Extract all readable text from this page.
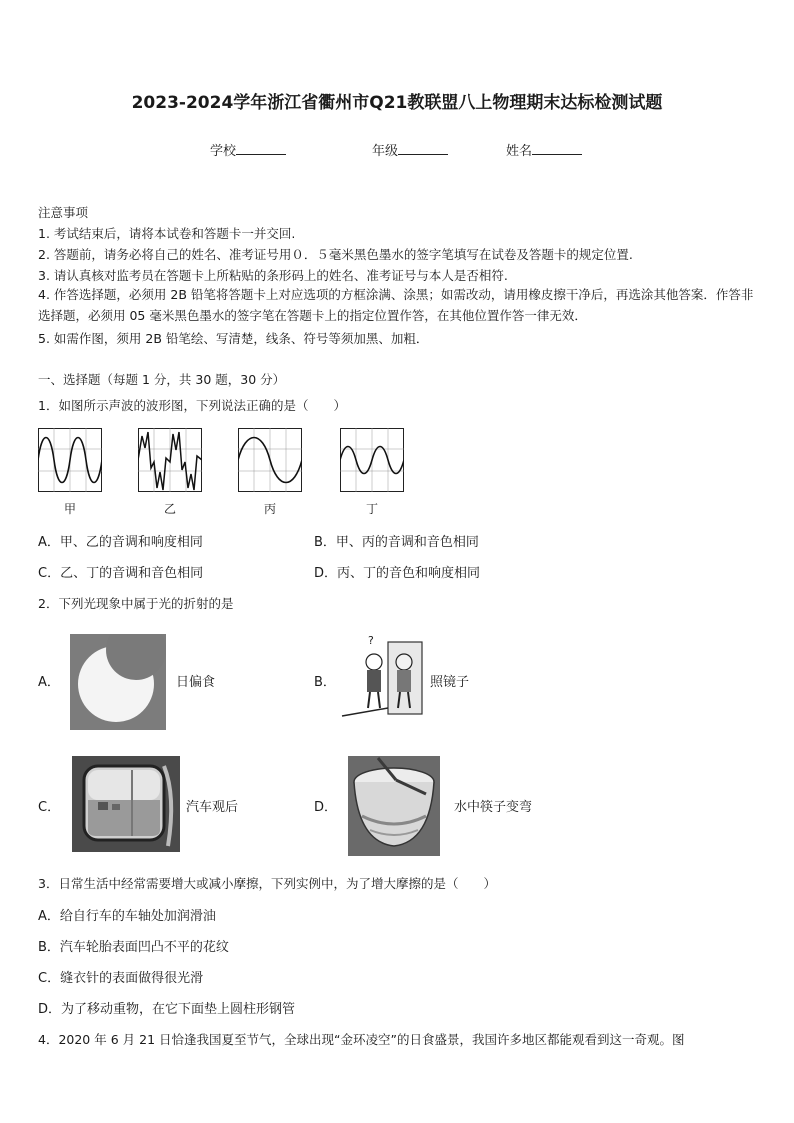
2023-2024学年浙江省衢州市Q21教联盟八上物理期末达标检测试题
学校	年级	姓名
注意事项
1. 考试结束后，请将本试卷和答题卡一并交回.
2. 答题前，请务必将自己的姓名、准考证号用０．５毫米黑色墨水的签字笔填写在试卷及答题卡的规定位置.
3. 请认真核对监考员在答题卡上所粘贴的条形码上的姓名、准考证号与本人是否相符.
4. 作答选择题，必须用 2B 铅笔将答题卡上对应选项的方框涂满、涂黑；如需改动，请用橡皮擦干净后，再选涂其他答案．作答非选择题，必须用 05 毫米黑色墨水的签字笔在答题卡上的指定位置作答，在其他位置作答一律无效．
5. 如需作图，须用 2B 铅笔绘、写清楚，线条、符号等须加黑、加粗．
一、选择题（每题 1 分，共 30 题，30 分）
1．如图所示声波的波形图，下列说法正确的是（　　）
甲	乙	丙	丁
A．甲、乙的音调和响度相同	B．甲、丙的音调和音色相同
C．乙、丁的音调和音色相同	D．丙、丁的音色和响度相同
2．下列光现象中属于光的折射的是
A．	日偏食	B．
?
照镜子
C．	汽车观后	D．	水中筷子变弯
3．日常生活中经常需要增大或减小摩擦，下列实例中，为了增大摩擦的是（　　）
A．给自行车的车轴处加润滑油
B．汽车轮胎表面凹凸不平的花纹
C．缝衣针的表面做得很光滑
D．为了移动重物，在它下面垫上圆柱形钢管
4．2020 年 6 月 21 日恰逢我国夏至节气，全球出现“金环凌空”的日食盛景，我国许多地区都能观看到这一奇观。图
